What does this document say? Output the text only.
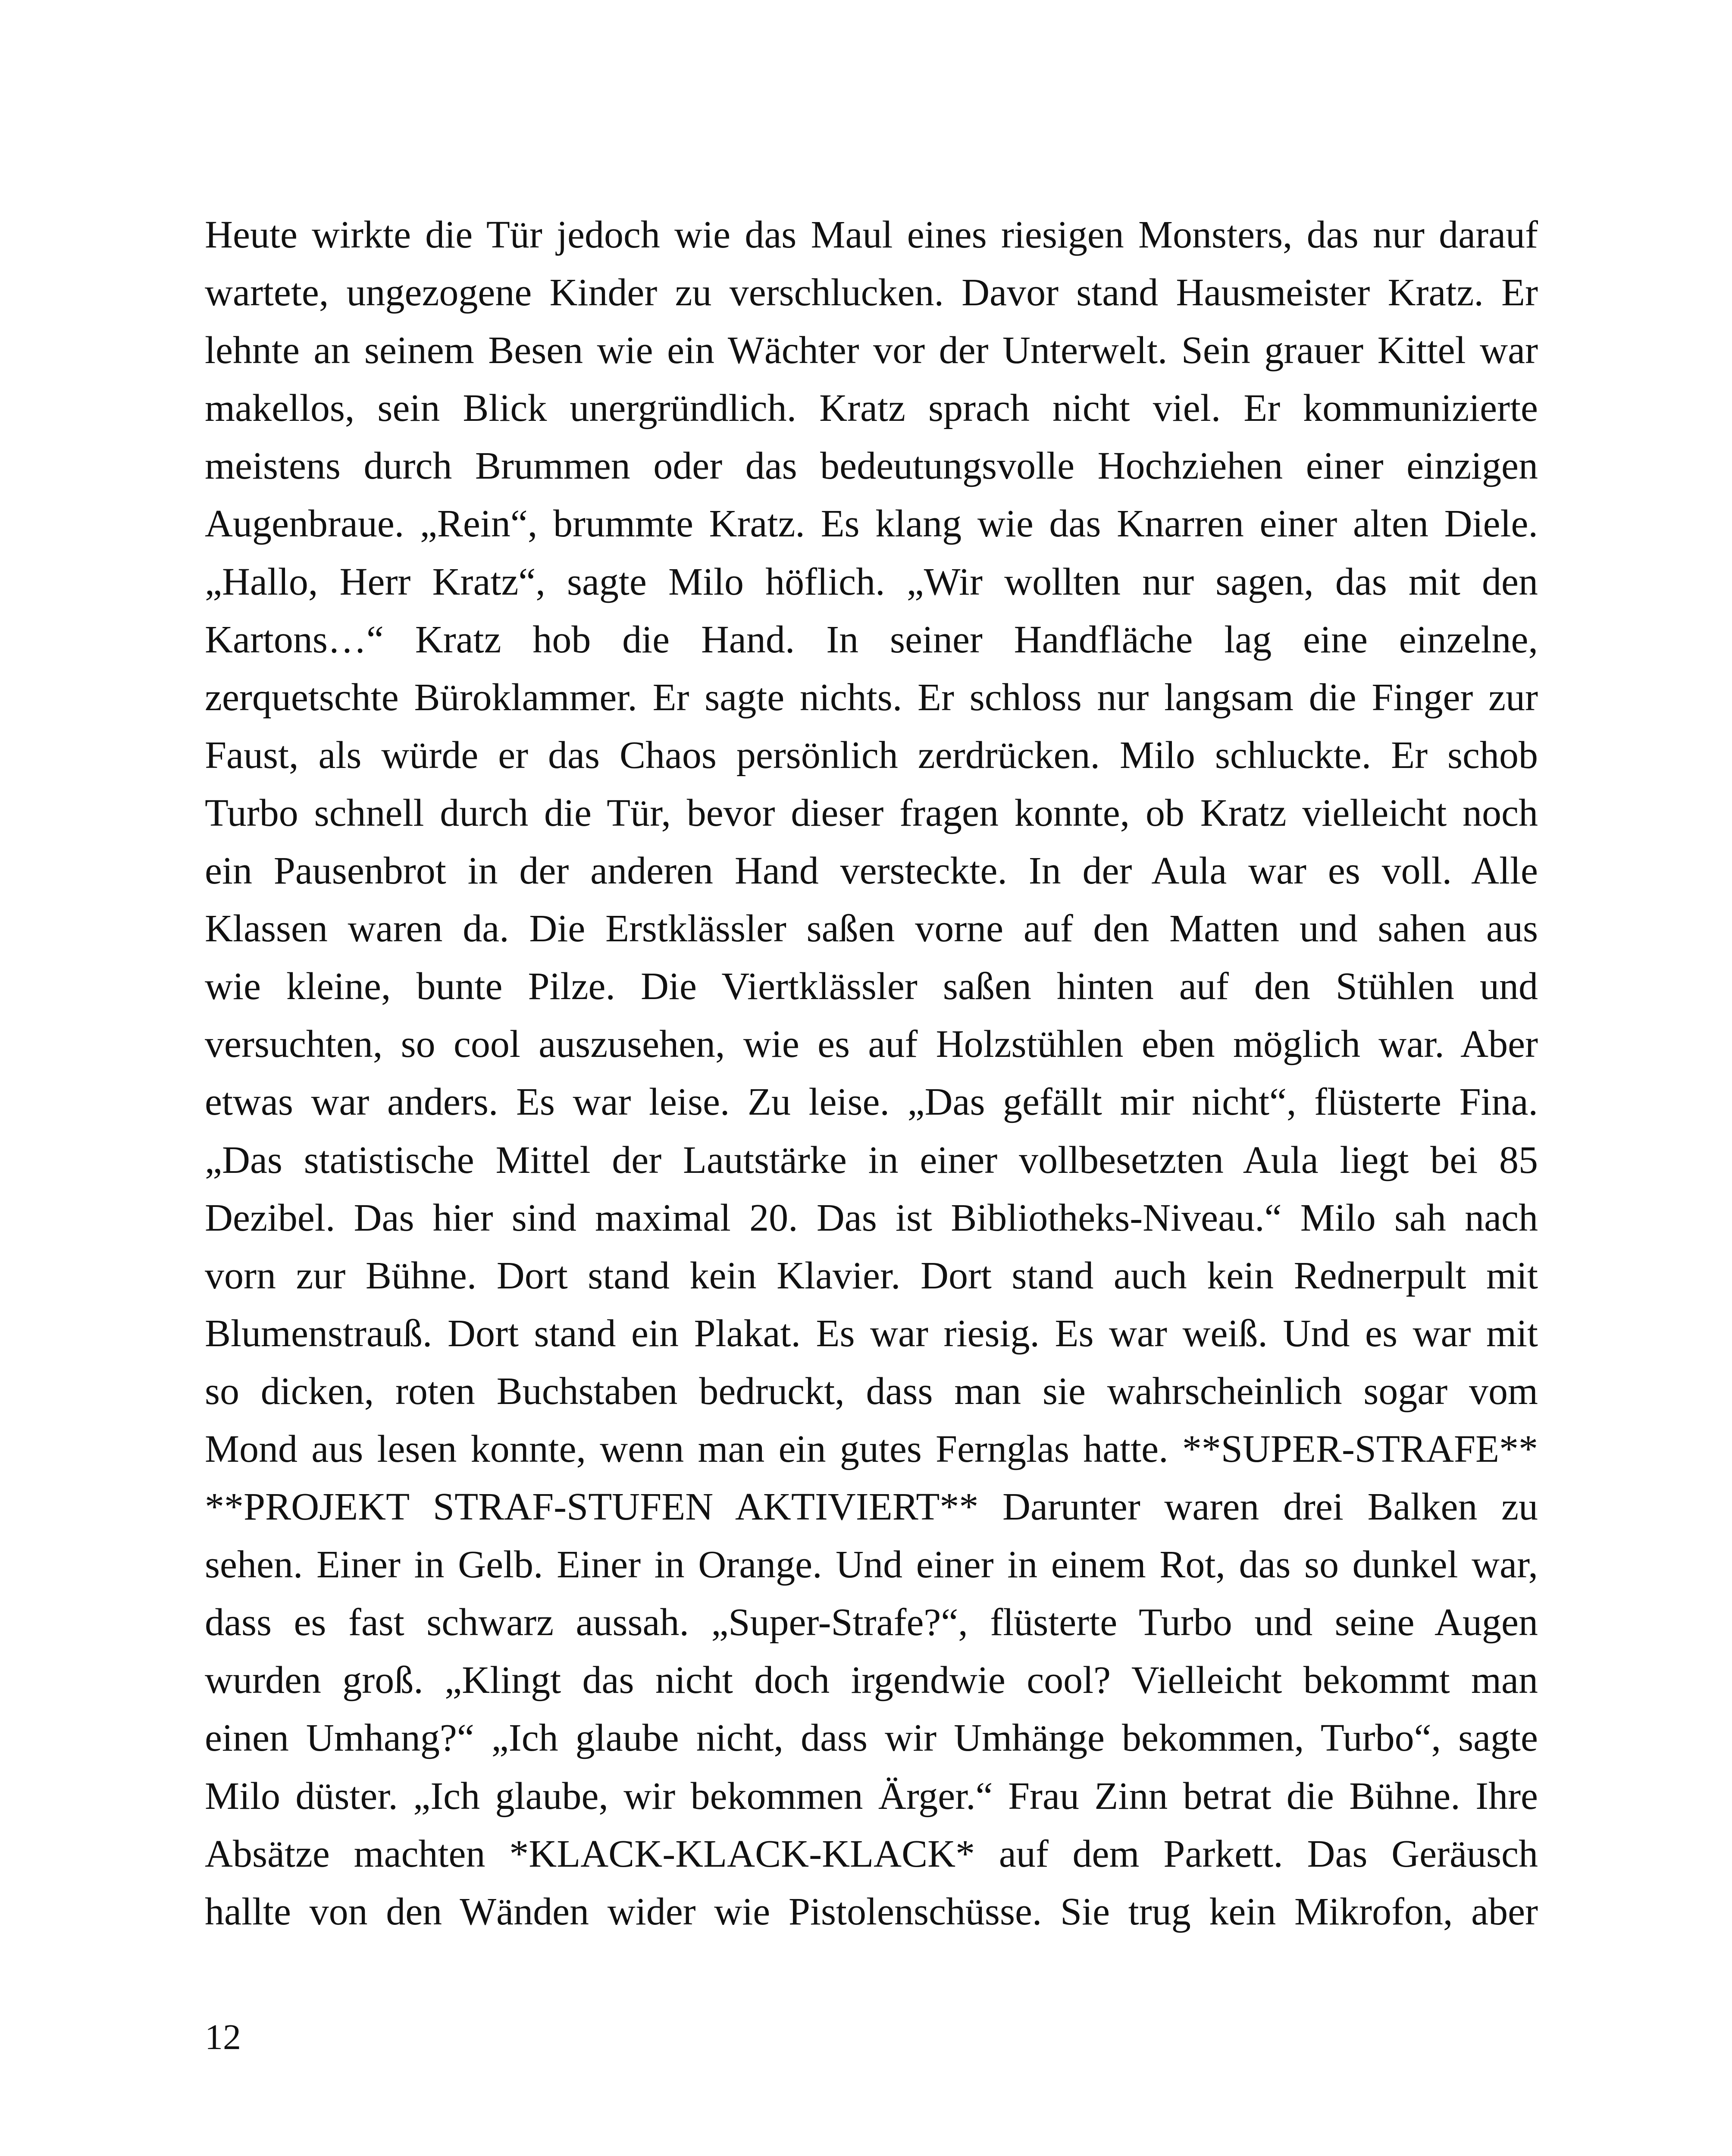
Heute wirkte die Tür jedoch wie das Maul eines riesigen Monsters, das nur darauf
wartete, ungezogene Kinder zu verschlucken. Davor stand Hausmeister Kratz. Er
lehnte an seinem Besen wie ein Wächter vor der Unterwelt. Sein grauer Kittel war
makellos, sein Blick unergründlich. Kratz sprach nicht viel. Er kommunizierte
meistens durch Brummen oder das bedeutungsvolle Hochziehen einer einzigen
Augenbraue. „Rein“, brummte Kratz. Es klang wie das Knarren einer alten Diele.
„Hallo, Herr Kratz“, sagte Milo höflich. „Wir wollten nur sagen, das mit den
Kartons…“ Kratz hob die Hand. In seiner Handfläche lag eine einzelne,
zerquetschte Büroklammer. Er sagte nichts. Er schloss nur langsam die Finger zur
Faust, als würde er das Chaos persönlich zerdrücken. Milo schluckte. Er schob
Turbo schnell durch die Tür, bevor dieser fragen konnte, ob Kratz vielleicht noch
ein Pausenbrot in der anderen Hand versteckte. In der Aula war es voll. Alle
Klassen waren da. Die Erstklässler saßen vorne auf den Matten und sahen aus
wie kleine, bunte Pilze. Die Viertklässler saßen hinten auf den Stühlen und
versuchten, so cool auszusehen, wie es auf Holzstühlen eben möglich war. Aber
etwas war anders. Es war leise. Zu leise. „Das gefällt mir nicht“, flüsterte Fina.
„Das statistische Mittel der Lautstärke in einer vollbesetzten Aula liegt bei 85
Dezibel. Das hier sind maximal 20. Das ist Bibliotheks-Niveau.“ Milo sah nach
vorn zur Bühne. Dort stand kein Klavier. Dort stand auch kein Rednerpult mit
Blumenstrauß. Dort stand ein Plakat. Es war riesig. Es war weiß. Und es war mit
so dicken, roten Buchstaben bedruckt, dass man sie wahrscheinlich sogar vom
Mond aus lesen konnte, wenn man ein gutes Fernglas hatte. **SUPER-STRAFE**
**PROJEKT STRAF-STUFEN AKTIVIERT** Darunter waren drei Balken zu
sehen. Einer in Gelb. Einer in Orange. Und einer in einem Rot, das so dunkel war,
dass es fast schwarz aussah. „Super-Strafe?“, flüsterte Turbo und seine Augen
wurden groß. „Klingt das nicht doch irgendwie cool? Vielleicht bekommt man
einen Umhang?“ „Ich glaube nicht, dass wir Umhänge bekommen, Turbo“, sagte
Milo düster. „Ich glaube, wir bekommen Ärger.“ Frau Zinn betrat die Bühne. Ihre
Absätze machten *KLACK-KLACK-KLACK* auf dem Parkett. Das Geräusch
hallte von den Wänden wider wie Pistolenschüsse. Sie trug kein Mikrofon, aber
12
